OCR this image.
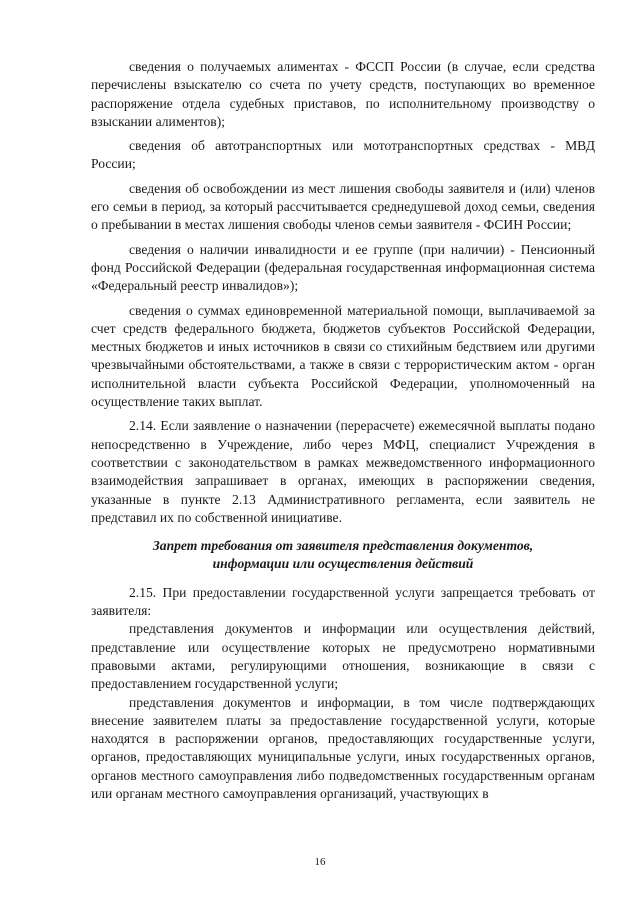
сведения о получаемых алиментах - ФССП России (в случае, если средства перечислены взыскателю со счета по учету средств, поступающих во временное распоряжение отдела судебных приставов, по исполнительному производству о взыскании алиментов);

сведения об автотранспортных или мототранспортных средствах - МВД России;

сведения об освобождении из мест лишения свободы заявителя и (или) членов его семьи в период, за который рассчитывается среднедушевой доход семьи, сведения о пребывании в местах лишения свободы членов семьи заявителя - ФСИН России;

сведения о наличии инвалидности и ее группе (при наличии) - Пенсионный фонд Российской Федерации (федеральная государственная информационная система «Федеральный реестр инвалидов»);

сведения о суммах единовременной материальной помощи, выплачиваемой за счет средств федерального бюджета, бюджетов субъектов Российской Федерации, местных бюджетов и иных источников в связи со стихийным бедствием или другими чрезвычайными обстоятельствами, а также в связи с террористическим актом - орган исполнительной власти субъекта Российской Федерации, уполномоченный на осуществление таких выплат.

2.14. Если заявление о назначении (перерасчете) ежемесячной выплаты подано непосредственно в Учреждение, либо через МФЦ, специалист Учреждения в соответствии с законодательством в рамках межведомственного информационного взаимодействия запрашивает в органах, имеющих в распоряжении сведения, указанные в пункте 2.13 Административного регламента, если заявитель не представил их по собственной инициативе.

Запрет требования от заявителя представления документов,
информации или осуществления действий

2.15. При предоставлении государственной услуги запрещается требовать от заявителя:

представления документов и информации или осуществления действий, представление или осуществление которых не предусмотрено нормативными правовыми актами, регулирующими отношения, возникающие в связи с предоставлением государственной услуги;

представления документов и информации, в том числе подтверждающих внесение заявителем платы за предоставление государственной услуги, которые находятся в распоряжении органов, предоставляющих государственные услуги, органов, предоставляющих муниципальные услуги, иных государственных органов, органов местного самоуправления либо подведомственных государственным органам или органам местного самоуправления организаций, участвующих в

16
